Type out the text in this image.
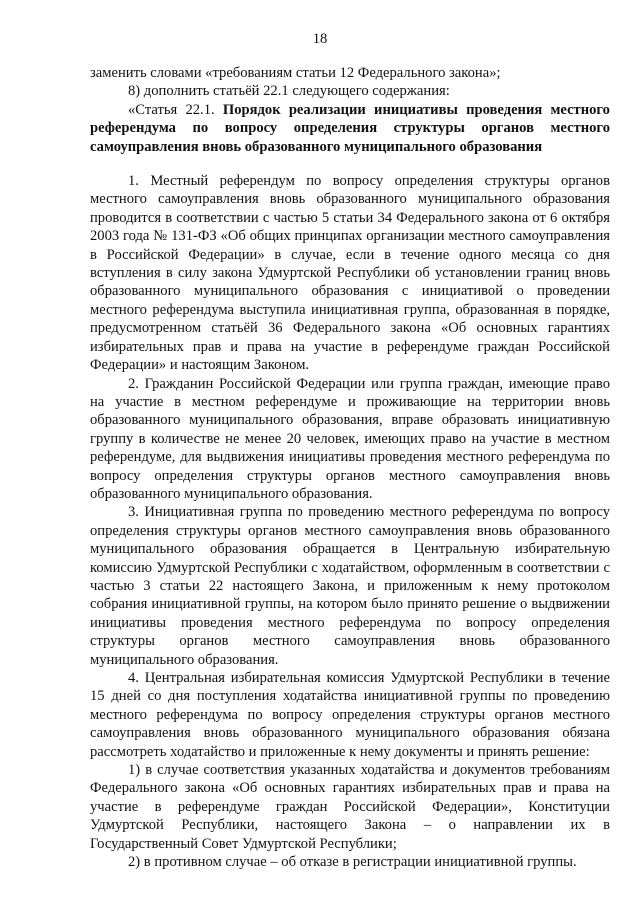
18

заменить словами «требованиям статьи 12 Федерального закона»;

8) дополнить статьёй 22.1 следующего содержания:

«Статья 22.1. Порядок реализации инициативы проведения местного референдума по вопросу определения структуры органов местного самоуправления вновь образованного муниципального образования

1. Местный референдум по вопросу определения структуры органов местного самоуправления вновь образованного муниципального образования проводится в соответствии с частью 5 статьи 34 Федерального закона от 6 октября 2003 года № 131-ФЗ «Об общих принципах организации местного самоуправления в Российской Федерации» в случае, если в течение одного месяца со дня вступления в силу закона Удмуртской Республики об установлении границ вновь образованного муниципального образования с инициативой о проведении местного референдума выступила инициативная группа, образованная в порядке, предусмотренном статьёй 36 Федерального закона «Об основных гарантиях избирательных прав и права на участие в референдуме граждан Российской Федерации» и настоящим Законом.

2. Гражданин Российской Федерации или группа граждан, имеющие право на участие в местном референдуме и проживающие на территории вновь образованного муниципального образования, вправе образовать инициативную группу в количестве не менее 20 человек, имеющих право на участие в местном референдуме, для выдвижения инициативы проведения местного референдума по вопросу определения структуры органов местного самоуправления вновь образованного муниципального образования.

3. Инициативная группа по проведению местного референдума по вопросу определения структуры органов местного самоуправления вновь образованного муниципального образования обращается в Центральную избирательную комиссию Удмуртской Республики с ходатайством, оформленным в соответствии с частью 3 статьи 22 настоящего Закона, и приложенным к нему протоколом собрания инициативной группы, на котором было принято решение о выдвижении инициативы проведения местного референдума по вопросу определения структуры органов местного самоуправления вновь образованного муниципального образования.

4. Центральная избирательная комиссия Удмуртской Республики в течение 15 дней со дня поступления ходатайства инициативной группы по проведению местного референдума по вопросу определения структуры органов местного самоуправления вновь образованного муниципального образования обязана рассмотреть ходатайство и приложенные к нему документы и принять решение:

1) в случае соответствия указанных ходатайства и документов требованиям Федерального закона «Об основных гарантиях избирательных прав и права на участие в референдуме граждан Российской Федерации», Конституции Удмуртской Республики, настоящего Закона – о направлении их в Государственный Совет Удмуртской Республики;

2) в противном случае – об отказе в регистрации инициативной группы.
